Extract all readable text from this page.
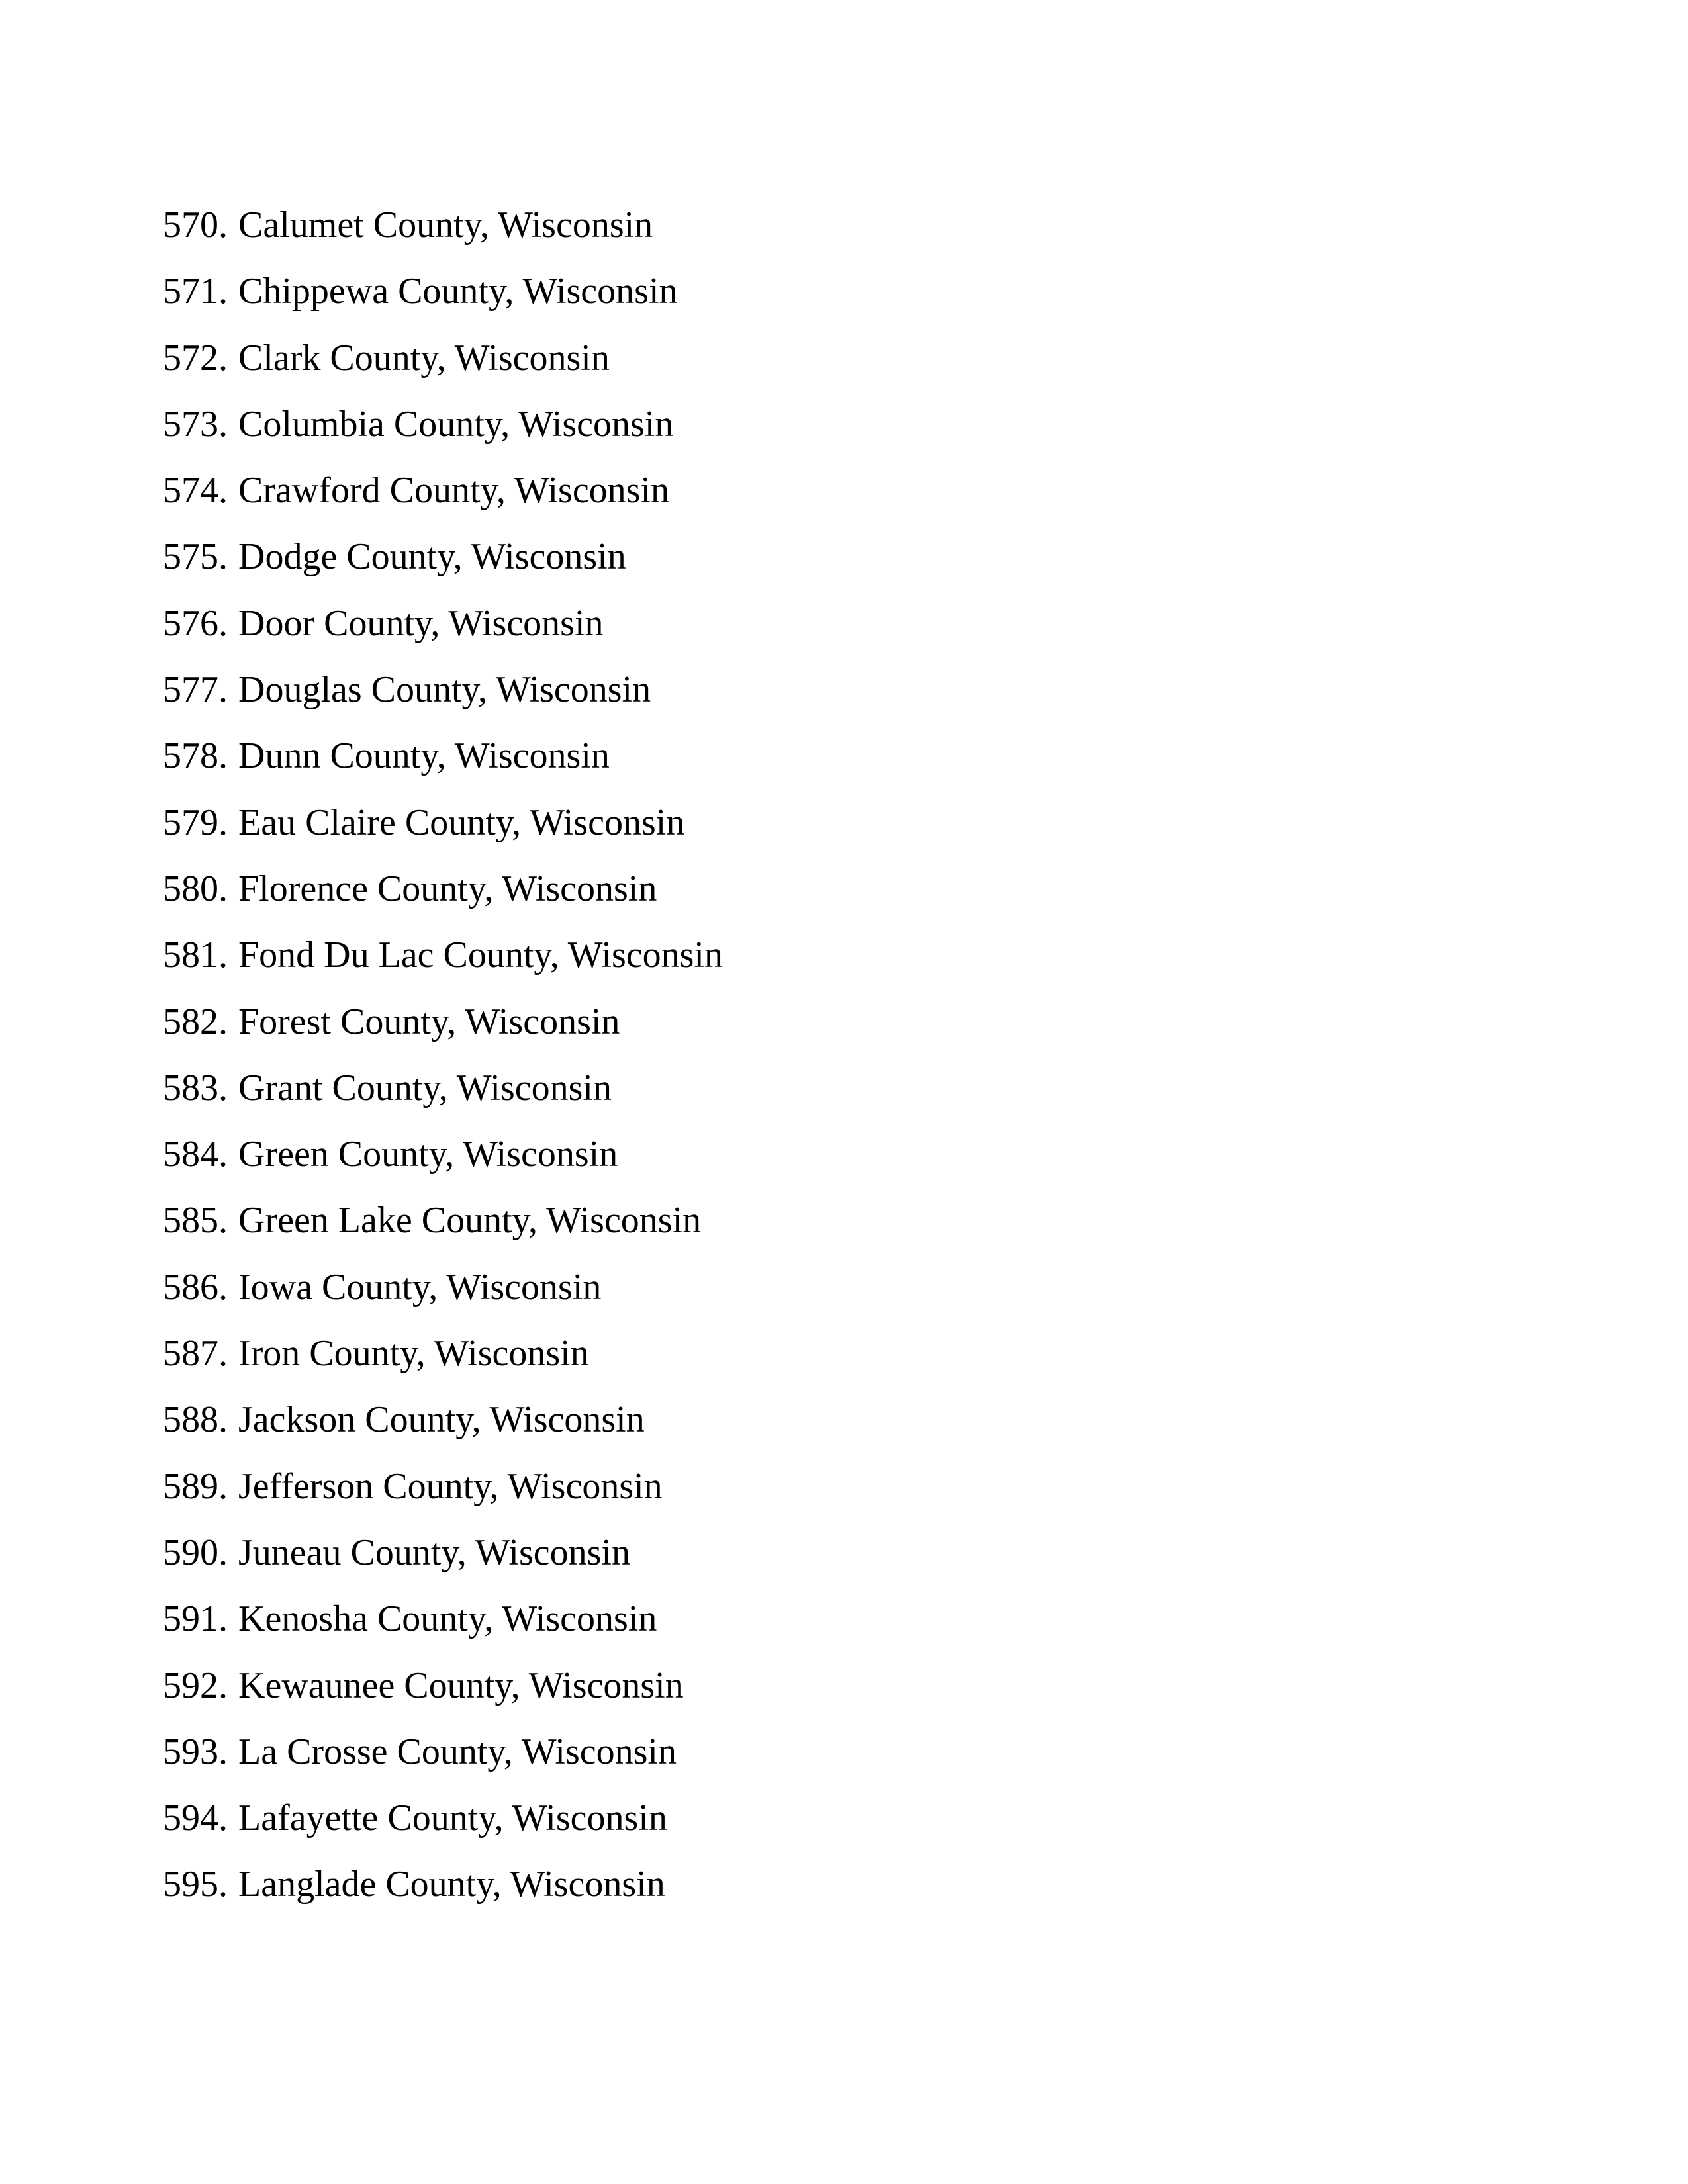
570. Calumet County, Wisconsin
571. Chippewa County, Wisconsin
572. Clark County, Wisconsin
573. Columbia County, Wisconsin
574. Crawford County, Wisconsin
575. Dodge County, Wisconsin
576. Door County, Wisconsin
577. Douglas County, Wisconsin
578. Dunn County, Wisconsin
579. Eau Claire County, Wisconsin
580. Florence County, Wisconsin
581. Fond Du Lac County, Wisconsin
582. Forest County, Wisconsin
583. Grant County, Wisconsin
584. Green County, Wisconsin
585. Green Lake County, Wisconsin
586. Iowa County, Wisconsin
587. Iron County, Wisconsin
588. Jackson County, Wisconsin
589. Jefferson County, Wisconsin
590. Juneau County, Wisconsin
591. Kenosha County, Wisconsin
592. Kewaunee County, Wisconsin
593. La Crosse County, Wisconsin
594. Lafayette County, Wisconsin
595. Langlade County, Wisconsin
